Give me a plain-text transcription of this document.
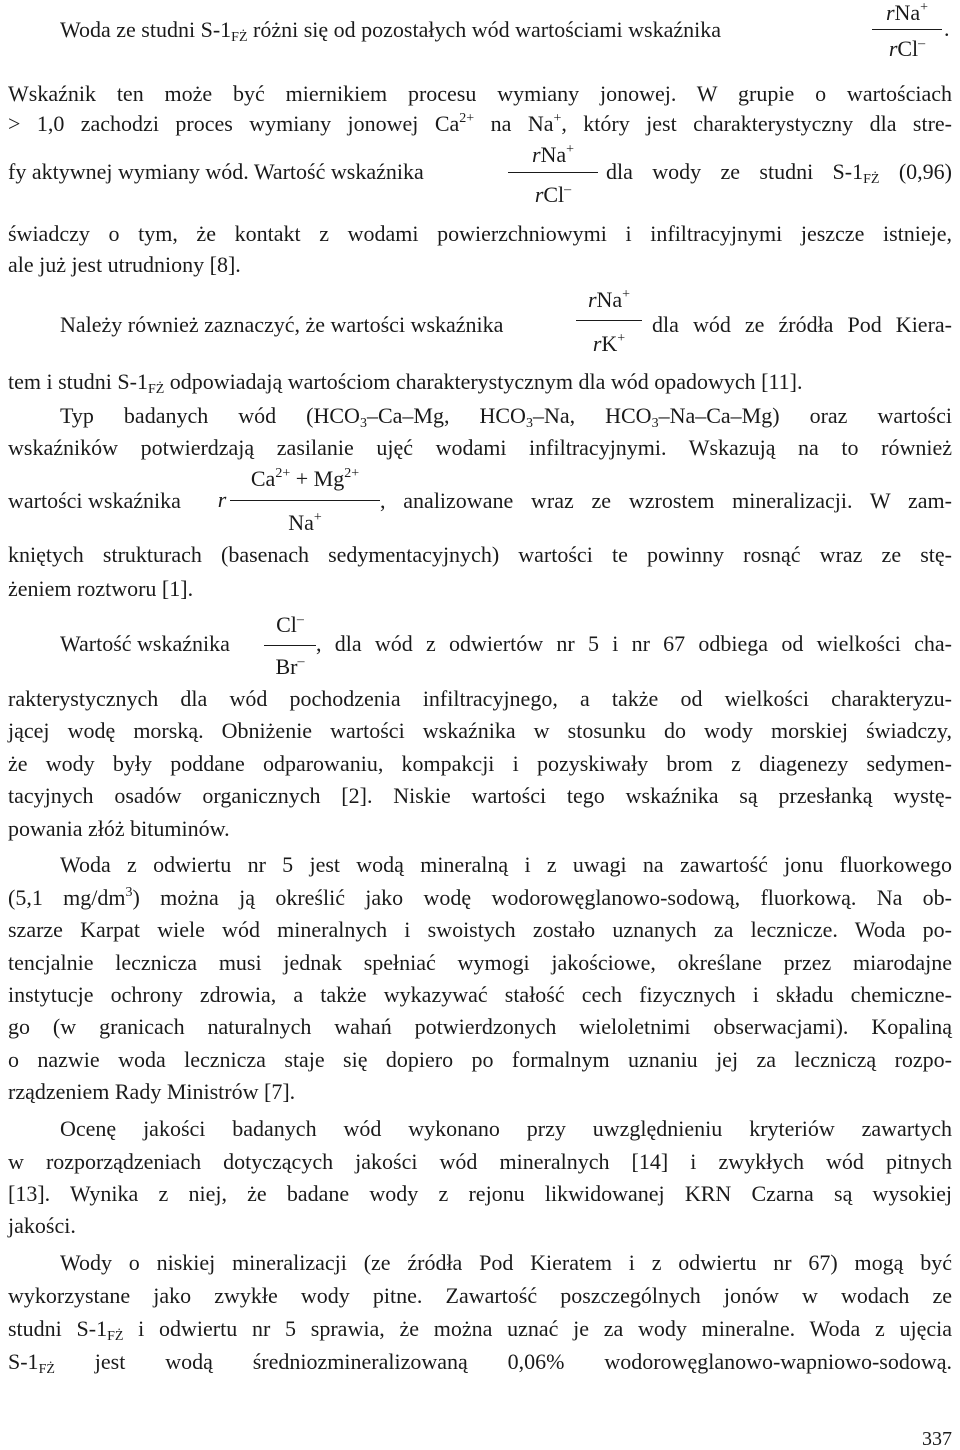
Woda ze studni $S-1_{FŻ}$ różni się od pozostałych wód wartościami wskaźnika
rNa+
rCl–
.
Wskaźnik ten może być miernikiem procesu wymiany jonowej. W grupie o wartościach
> 1,0 zachodzi proces wymiany jonowej $Ca^{2+}$ na Na+, który jest charakterystyczny dla stre-
fy aktywnej wymiany wód. Wartość wskaźnika
rNa+
rCl–
dla wody ze studni $S-1_{FŻ}$ (0,96)
świadczy o tym, że kontakt z wodami powierzchniowymi i infiltracyjnymi jeszcze istnieje,
ale już jest utrudniony [8].
Należy również zaznaczyć, że wartości wskaźnika
rNa+
rK+
dla wód ze źródła Pod Kiera-
tem i studni $S-1_{FŻ}$ odpowiadają wartościom charakterystycznym dla wód opadowych [11].
Typ badanych wód ($HCO_3-Ca-Mg$, $HCO_3-Na$, $HCO_3-Na-Ca-Mg$) oraz wartości
wskaźników potwierdzają zasilanie ujęć wodami infiltracyjnymi. Wskazują na to również
wartości wskaźnika	r
$Ca^{2+} + Mg^{2+}$
Na+
, analizowane wraz ze wzrostem mineralizacji. W zam-
kniętych strukturach (basenach sedymentacyjnych) wartości te powinny rosnąć wraz ze stę-
żeniem roztworu [1].
Wartość wskaźnika
Cl–
Br–
, dla wód z odwiertów nr 5 i nr 67 odbiega od wielkości cha-
rakterystycznych dla wód pochodzenia infiltracyjnego, a także od wielkości charakteryzu-
jącej wodę morską. Obniżenie wartości wskaźnika w stosunku do wody morskiej świadczy,
że wody były poddane odparowaniu, kompakcji i pozyskiwały brom z diagenezy sedymen-
tacyjnych osadów organicznych [2]. Niskie wartości tego wskaźnika są przesłanką wystę-
powania złóż bituminów.
Woda z odwiertu nr 5 jest wodą mineralną i z uwagi na zawartość jonu fluorkowego
(5,1 $mg/dm^3$) można ją określić jako wodę wodorowęglanowo-sodową, fluorkową. Na ob-
szarze Karpat wiele wód mineralnych i swoistych zostało uznanych za lecznicze. Woda po-
tencjalnie lecznicza musi jednak spełniać wymogi jakościowe, określane przez miarodajne
instytucje ochrony zdrowia, a także wykazywać stałość cech fizycznych i składu chemiczne-
go (w granicach naturalnych wahań potwierdzonych wieloletnimi obserwacjami). Kopaliną
o nazwie woda lecznicza staje się dopiero po formalnym uznaniu jej za leczniczą rozpo-
rządzeniem Rady Ministrów [7].
Ocenę jakości badanych wód wykonano przy uwzględnieniu kryteriów zawartych
w rozporządzeniach dotyczących jakości wód mineralnych [14] i zwykłych wód pitnych
[13]. Wynika z niej, że badane wody z rejonu likwidowanej KRN Czarna są wysokiej
jakości.
Wody o niskiej mineralizacji (ze źródła Pod Kieratem i z odwiertu nr 67) mogą być
wykorzystane jako zwykłe wody pitne. Zawartość poszczególnych jonów w wodach ze
studni $S-1_{FŻ}$ i odwiertu nr 5 sprawia, że można uznać je za wody mineralne. Woda z ujęcia
$S-1_{FŻ}$ jest wodą średniozmineralizowaną 0,06% wodorowęglanowo-wapniowo-sodową.
337
